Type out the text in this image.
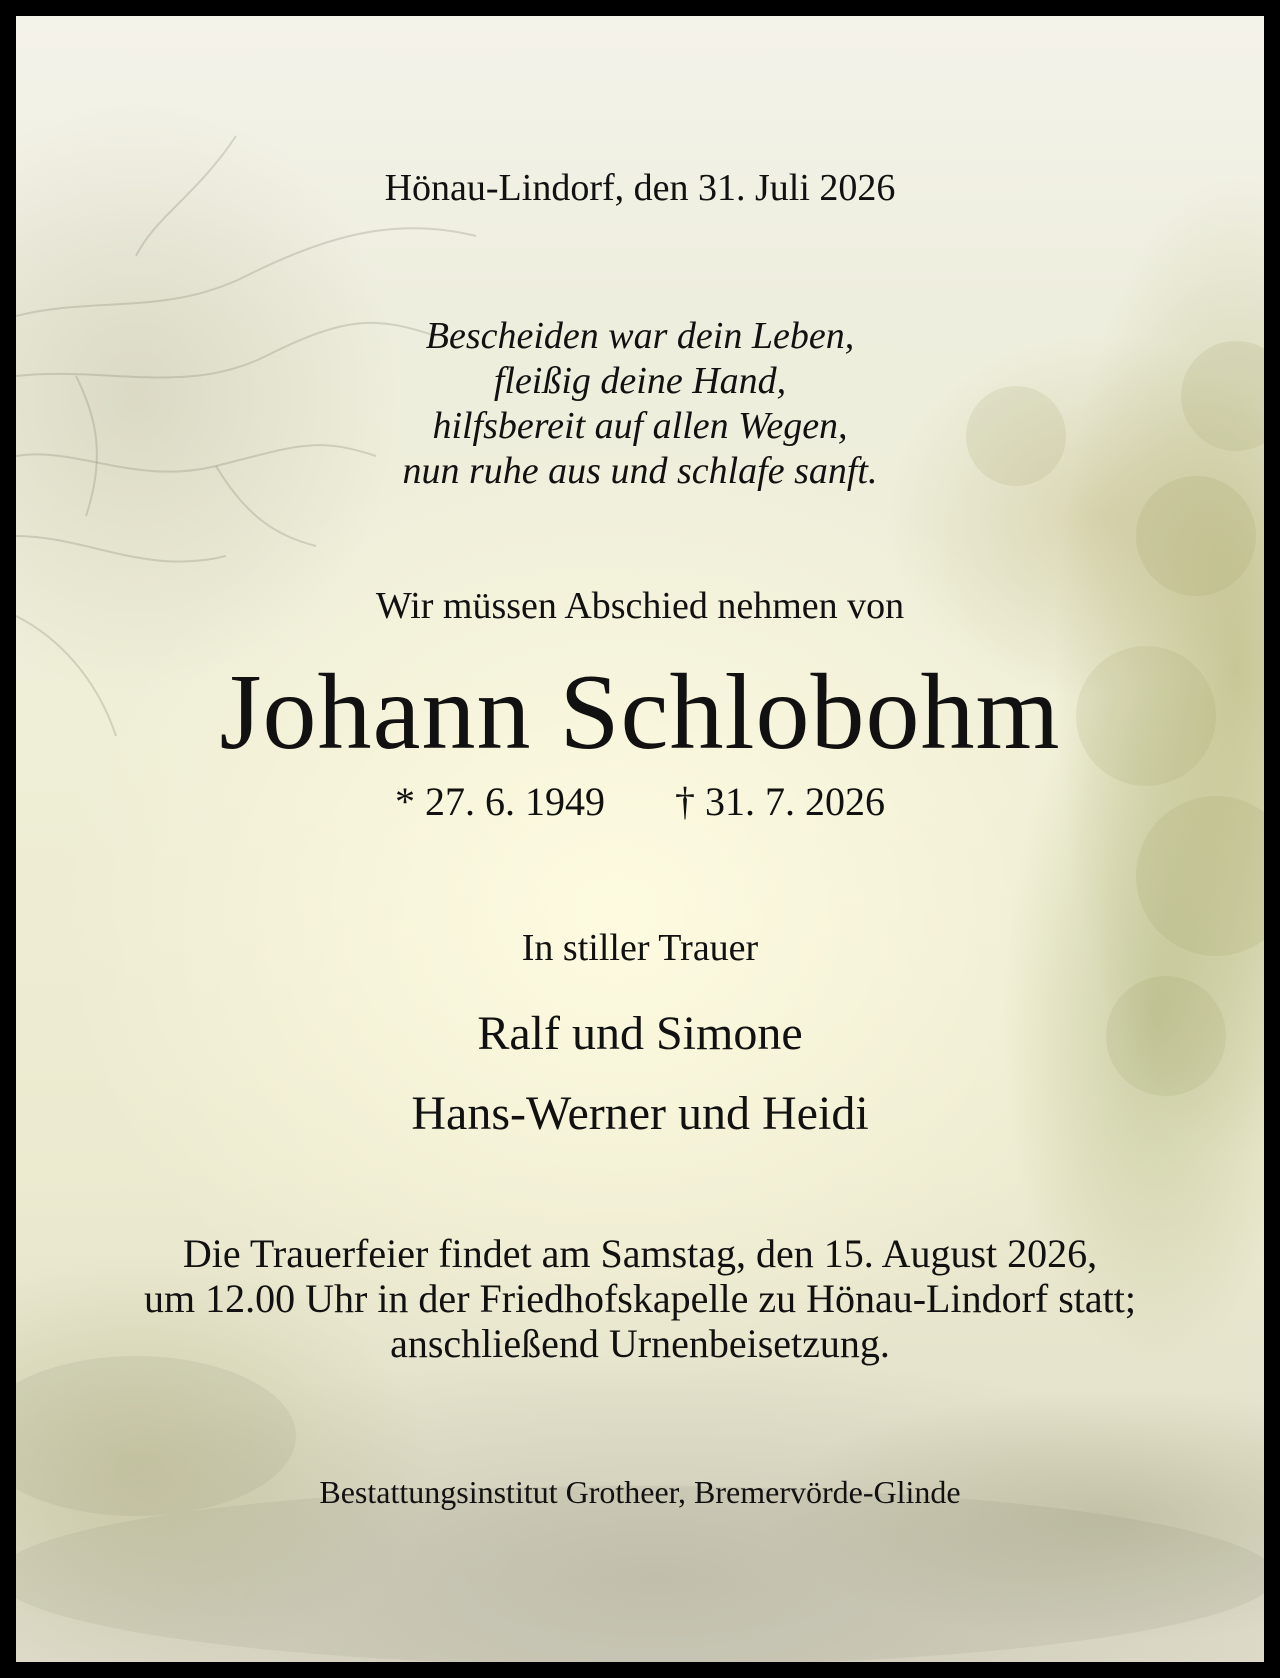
Hönau-Lindorf, den 31. Juli 2026
Bescheiden war dein Leben,
fleißig deine Hand,
hilfsbereit auf allen Wegen,
nun ruhe aus und schlafe sanft.
Wir müssen Abschied nehmen von
Johann Schlobohm
* 27. 6. 1949 † 31. 7. 2026
In stiller Trauer
Ralf und Simone
Hans-Werner und Heidi
Die Trauerfeier findet am Samstag, den 15. August 2026,
um 12.00 Uhr in der Friedhofskapelle zu Hönau-Lindorf statt;
anschließend Urnenbeisetzung.
Bestattungsinstitut Grotheer, Bremervörde-Glinde
